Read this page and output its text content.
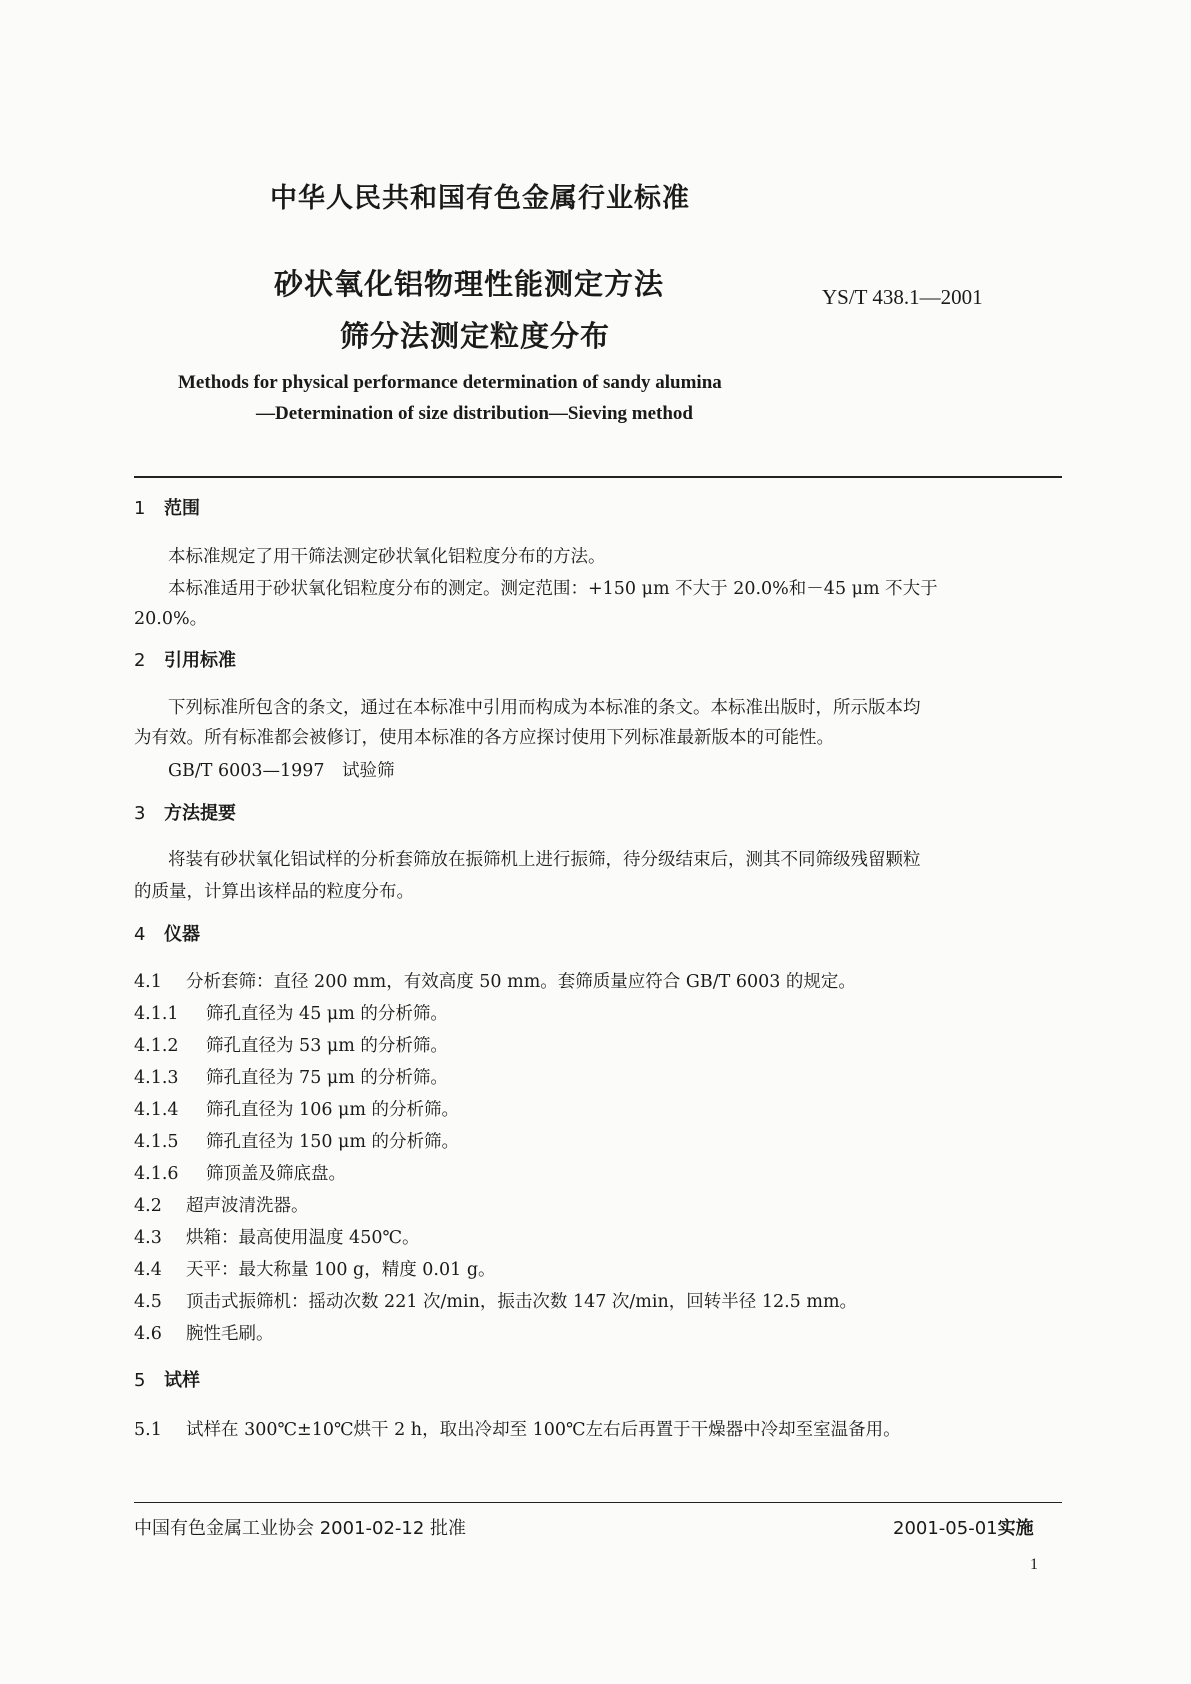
中华人民共和国有色金属行业标准
砂状氧化铝物理性能测定方法
筛分法测定粒度分布
YS/T 438.1—2001
Methods for physical performance determination of sandy alumina
—Determination of size distribution—Sieving method
1 范围
本标准规定了用干筛法测定砂状氧化铝粒度分布的方法。
本标准适用于砂状氧化铝粒度分布的测定。测定范围：+150 μm 不大于 20.0%和－45 μm 不大于
20.0%。
2 引用标准
下列标准所包含的条文，通过在本标准中引用而构成为本标准的条文。本标准出版时，所示版本均
为有效。所有标准都会被修订，使用本标准的各方应探讨使用下列标准最新版本的可能性。
GB/T 6003—1997　试验筛
3 方法提要
将装有砂状氧化铝试样的分析套筛放在振筛机上进行振筛，待分级结束后，测其不同筛级残留颗粒
的质量，计算出该样品的粒度分布。
4 仪器
4.1 分析套筛：直径 200 mm，有效高度 50 mm。套筛质量应符合 GB/T 6003 的规定。
4.1.1 筛孔直径为 45 μm 的分析筛。
4.1.2 筛孔直径为 53 μm 的分析筛。
4.1.3 筛孔直径为 75 μm 的分析筛。
4.1.4 筛孔直径为 106 μm 的分析筛。
4.1.5 筛孔直径为 150 μm 的分析筛。
4.1.6 筛顶盖及筛底盘。
4.2 超声波清洗器。
4.3 烘箱：最高使用温度 450℃。
4.4 天平：最大称量 100 g，精度 0.01 g。
4.5 顶击式振筛机：摇动次数 221 次/min，振击次数 147 次/min，回转半径 12.5 mm。
4.6 腕性毛刷。
5 试样
5.1 试样在 300℃±10℃烘干 2 h，取出冷却至 100℃左右后再置于干燥器中冷却至室温备用。
中国有色金属工业协会 2001-02-12 批准	2001-05-01实施
1
